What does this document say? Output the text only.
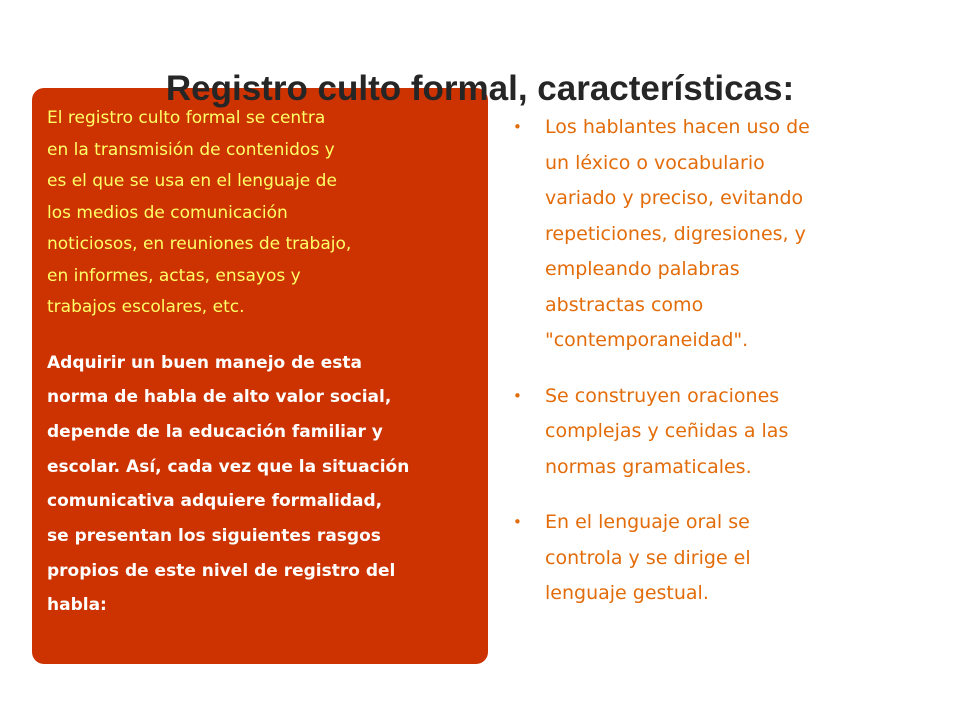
Registro culto formal, características:

El registro culto formal se centra
en la transmisión de contenidos y
es el que se usa en el lenguaje de
los medios de comunicación
noticiosos, en reuniones de trabajo,
en informes, actas, ensayos y
trabajos escolares, etc.

Adquirir un buen manejo de esta
norma de habla de alto valor social,
depende de la educación familiar y
escolar. Así, cada vez que la situación
comunicativa adquiere formalidad,
se presentan los siguientes rasgos
propios de este nivel de registro del
habla:

• Los hablantes hacen uso de
un léxico o vocabulario
variado y preciso, evitando
repeticiones, digresiones, y
empleando palabras
abstractas como
"contemporaneidad".
• Se construyen oraciones
complejas y ceñidas a las
normas gramaticales.
• En el lenguaje oral se
controla y se dirige el
lenguaje gestual.
